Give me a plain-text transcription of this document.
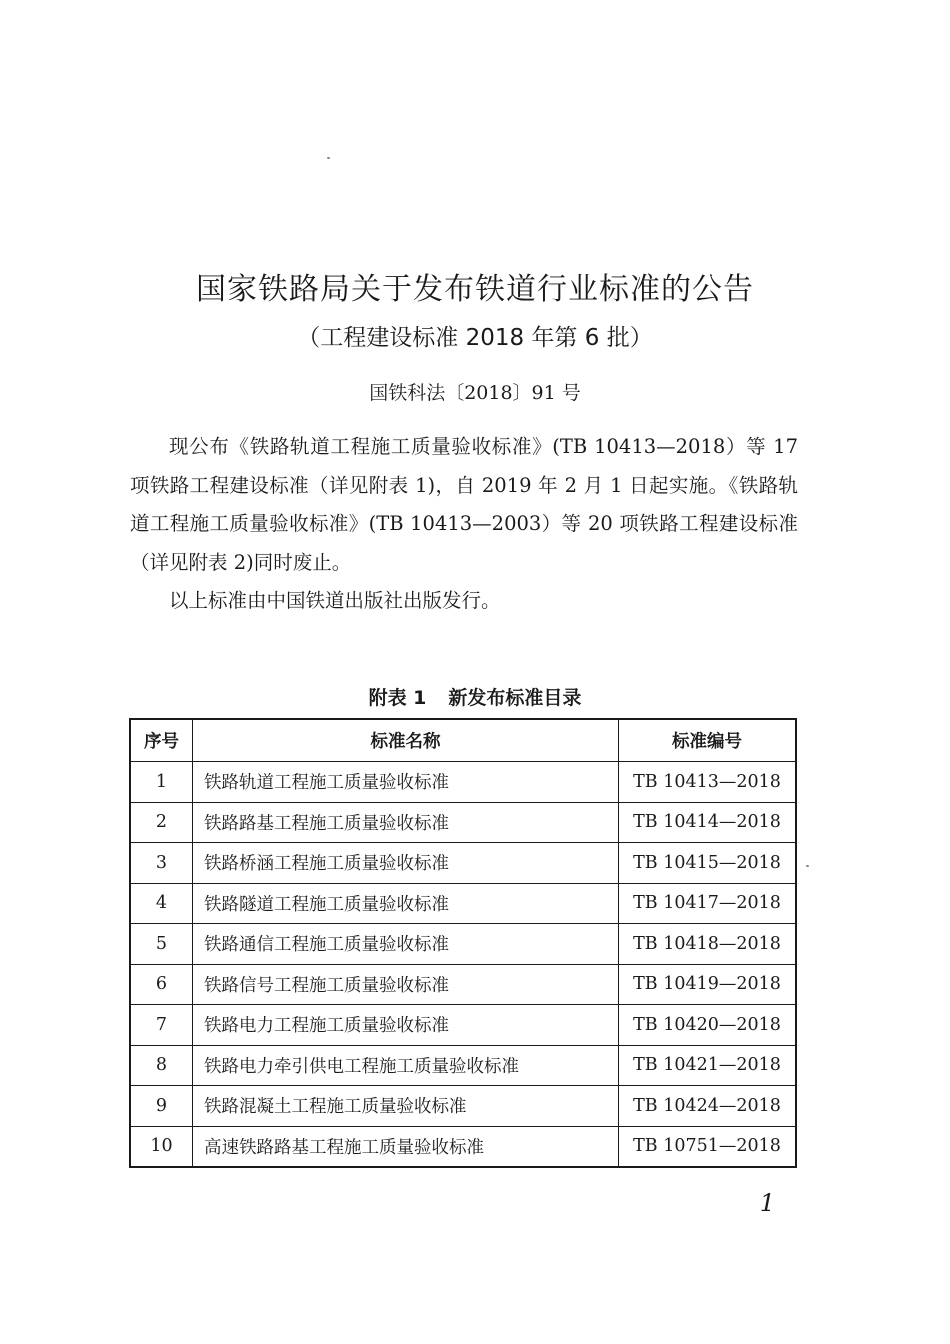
国家铁路局关于发布铁道行业标准的公告
（工程建设标准 2018 年第 6 批）
国铁科法〔2018〕91 号

现公布《铁路轨道工程施工质量验收标准》(TB 10413—2018）等 17 项铁路工程建设标准（详见附表 1)，自 2019 年 2 月 1 日起实施。《铁路轨道工程施工质量验收标准》(TB 10413—2003）等 20 项铁路工程建设标准（详见附表 2)同时废止。

以上标准由中国铁道出版社出版发行。

附表 1 新发布标准目录
序号	标准名称	标准编号
1	铁路轨道工程施工质量验收标准	TB 10413—2018
2	铁路路基工程施工质量验收标准	TB 10414—2018
3	铁路桥涵工程施工质量验收标准	TB 10415—2018
4	铁路隧道工程施工质量验收标准	TB 10417—2018
5	铁路通信工程施工质量验收标准	TB 10418—2018
6	铁路信号工程施工质量验收标准	TB 10419—2018
7	铁路电力工程施工质量验收标准	TB 10420—2018
8	铁路电力牵引供电工程施工质量验收标准	TB 10421—2018
9	铁路混凝土工程施工质量验收标准	TB 10424—2018
10	高速铁路路基工程施工质量验收标准	TB 10751—2018
1
